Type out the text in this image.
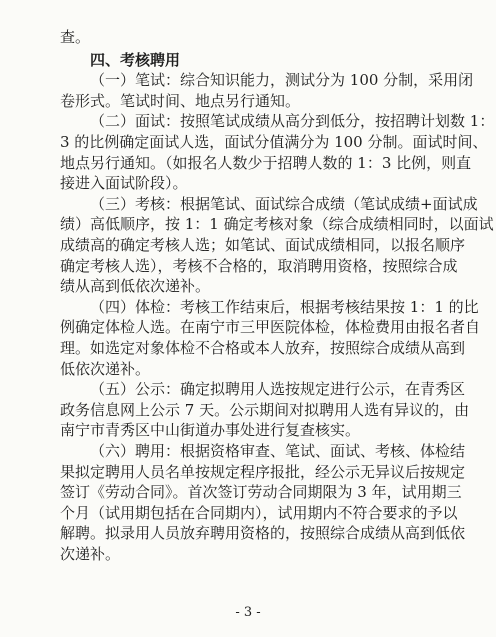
查。
四、考核聘用
（一）笔试：综合知识能力，测试分为 100 分制，采用闭
卷形式。笔试时间、地点另行通知。
（二）面试：按照笔试成绩从高分到低分，按招聘计划数 1：
3 的比例确定面试人选，面试分值满分为 100 分制。面试时间、
地点另行通知。（如报名人数少于招聘人数的 1：3 比例，则直
接进入面试阶段）。
（三）考核：根据笔试、面试综合成绩（笔试成绩+面试成
绩）高低顺序，按 1：1 确定考核对象（综合成绩相同时，以面试
成绩高的确定考核人选；如笔试、面试成绩相同，以报名顺序
确定考核人选），考核不合格的，取消聘用资格，按照综合成
绩从高到低依次递补。
（四）体检：考核工作结束后，根据考核结果按 1：1 的比
例确定体检人选。在南宁市三甲医院体检，体检费用由报名者自
理。如选定对象体检不合格或本人放弃，按照综合成绩从高到
低依次递补。
（五）公示：确定拟聘用人选按规定进行公示，在青秀区
政务信息网上公示 7 天。公示期间对拟聘用人选有异议的，由
南宁市青秀区中山街道办事处进行复查核实。
- 3 -
（六）聘用：根据资格审查、笔试、面试、考核、体检结
果拟定聘用人员名单按规定程序报批，经公示无异议后按规定
签订《劳动合同》。首次签订劳动合同期限为 3 年，试用期三
个月（试用期包括在合同期内），试用期内不符合要求的予以
解聘。拟录用人员放弃聘用资格的，按照综合成绩从高到低依
次递补。
